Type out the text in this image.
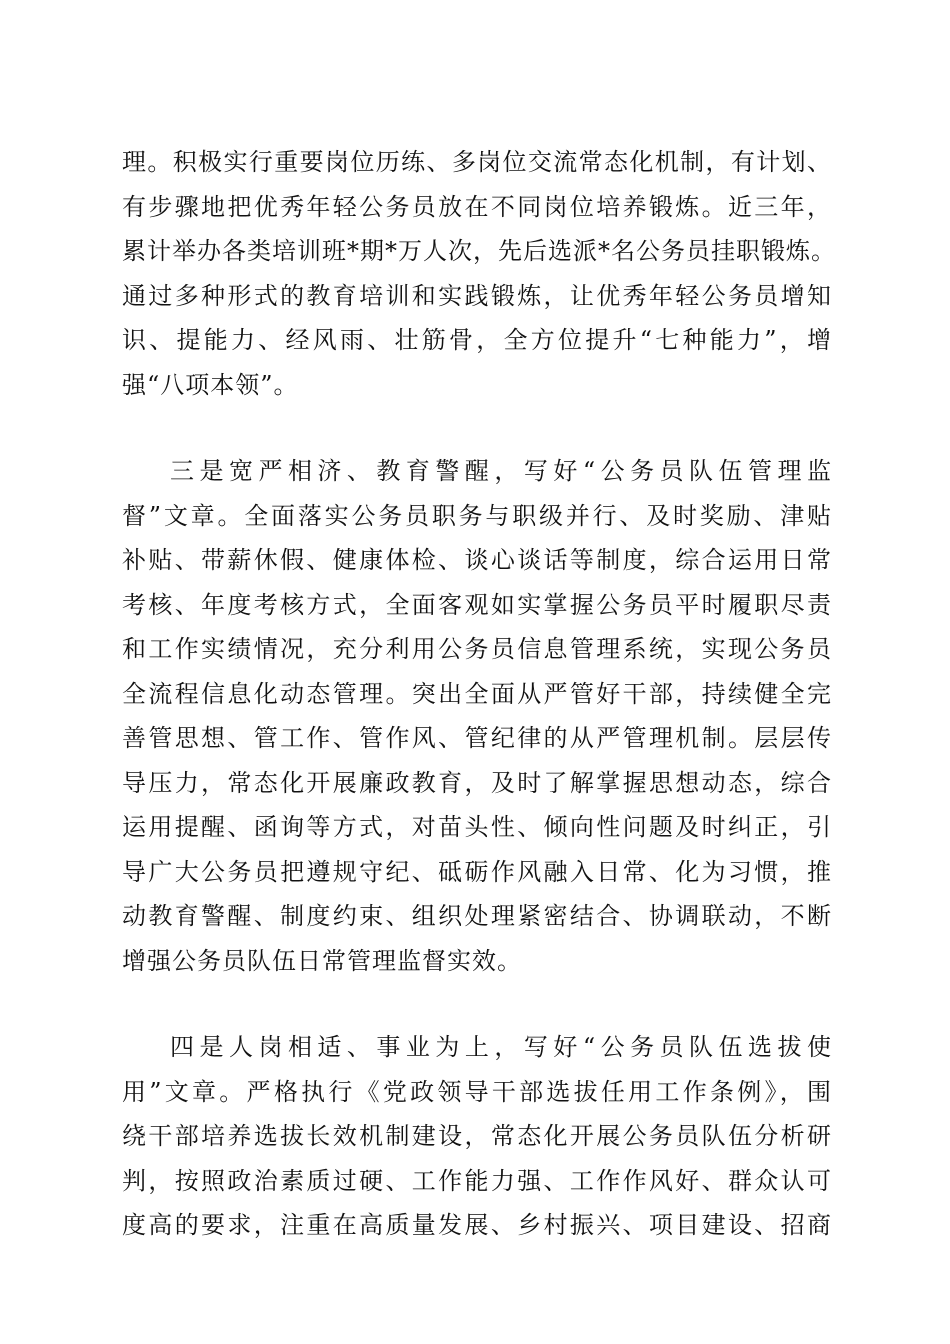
理。积极实行重要岗位历练、多岗位交流常态化机制，有计划、
有步骤地把优秀年轻公务员放在不同岗位培养锻炼。近三年，
累计举办各类培训班*期*万人次，先后选派*名公务员挂职锻炼。
通过多种形式的教育培训和实践锻炼，让优秀年轻公务员增知
识、提能力、经风雨、壮筋骨，全方位提升“七种能力”，增
强“八项本领”。
三是宽严相济、教育警醒，写好“公务员队伍管理监
督”文章。全面落实公务员职务与职级并行、及时奖励、津贴
补贴、带薪休假、健康体检、谈心谈话等制度，综合运用日常
考核、年度考核方式，全面客观如实掌握公务员平时履职尽责
和工作实绩情况，充分利用公务员信息管理系统，实现公务员
全流程信息化动态管理。突出全面从严管好干部，持续健全完
善管思想、管工作、管作风、管纪律的从严管理机制。层层传
导压力，常态化开展廉政教育，及时了解掌握思想动态，综合
运用提醒、函询等方式，对苗头性、倾向性问题及时纠正，引
导广大公务员把遵规守纪、砥砺作风融入日常、化为习惯，推
动教育警醒、制度约束、组织处理紧密结合、协调联动，不断
增强公务员队伍日常管理监督实效。
四是人岗相适、事业为上，写好“公务员队伍选拔使
用”文章。严格执行《党政领导干部选拔任用工作条例》，围
绕干部培养选拔长效机制建设，常态化开展公务员队伍分析研
判，按照政治素质过硬、工作能力强、工作作风好、群众认可
度高的要求，注重在高质量发展、乡村振兴、项目建设、招商
